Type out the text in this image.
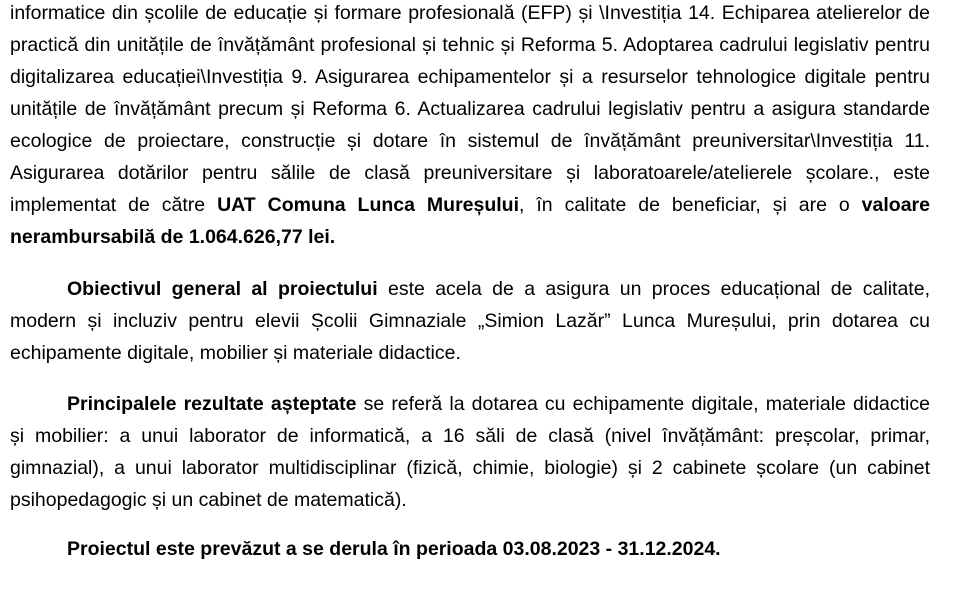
informatice din școlile de educație și formare profesională (EFP) și \Investiția 14. Echiparea atelierelor de practică din unitățile de învățământ profesional și tehnic și Reforma 5. Adoptarea cadrului legislativ pentru digitalizarea educației\Investiția 9. Asigurarea echipamentelor și a resurselor tehnologice digitale pentru unitățile de învățământ precum și Reforma 6. Actualizarea cadrului legislativ pentru a asigura standarde ecologice de proiectare, construcție și dotare în sistemul de învățământ preuniversitar\Investiția 11. Asigurarea dotărilor pentru sălile de clasă preuniversitare și laboratoarele/atelierele școlare., este implementat de către UAT Comuna Lunca Mureșului, în calitate de beneficiar, și are o valoare nerambursabilă de 1.064.626,77 lei.

Obiectivul general al proiectului este acela de a asigura un proces educațional de calitate, modern și incluziv pentru elevii Școlii Gimnaziale „Simion Lazăr” Lunca Mureșului, prin dotarea cu echipamente digitale, mobilier și materiale didactice.

Principalele rezultate așteptate se referă la dotarea cu echipamente digitale, materiale didactice și mobilier: a unui laborator de informatică, a 16 săli de clasă (nivel învățământ: preșcolar, primar, gimnazial), a unui laborator multidisciplinar (fizică, chimie, biologie) și 2 cabinete școlare (un cabinet psihopedagogic și un cabinet de matematică).

Proiectul este prevăzut a se derula în perioada 03.08.2023 - 31.12.2024.
